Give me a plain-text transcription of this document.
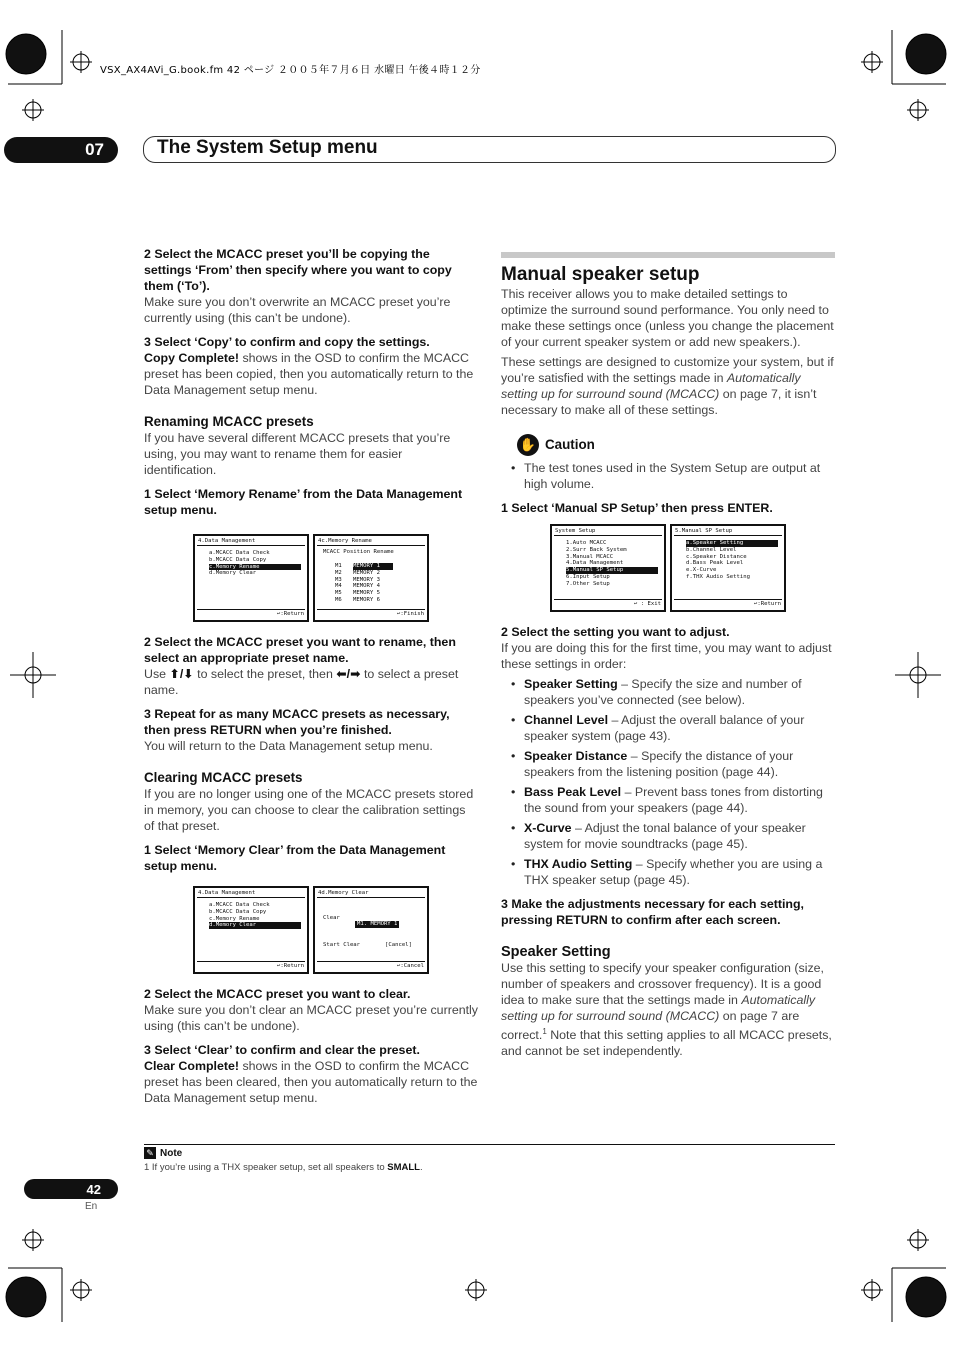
VSX_AX4AVi_G.book.fm 42 ページ ２００５年７月６日 水曜日 午後４時１２分
07	The System Setup menu

2 Select the MCACC preset you’ll be copying the settings ‘From’ then specify where you want to copy them (‘To’).

Make sure you don’t overwrite an MCACC preset you’re currently using (this can’t be undone).

3 Select ‘Copy’ to confirm and copy the settings.

Copy Complete! shows in the OSD to confirm the MCACC preset has been copied, then you automatically return to the Data Management setup menu.

Renaming MCACC presets

If you have several different MCACC presets that you’re using, you may want to rename them for easier identification.

1 Select ‘Memory Rename’ from the Data Management setup menu.

4.Data Management
a.MCACC Data Check
b.MCACC Data Copy
c.Memory Rename
d.Memory Clear
↩:Return
4c.Memory Rename
MCACC Position Rename
M1	MEMORY 1
M2	MEMORY 2
M3	MEMORY 3
M4	MEMORY 4
M5	MEMORY 5
M6	MEMORY 6
↩:Finish

2 Select the MCACC preset you want to rename, then select an appropriate preset name.

Use ⬆/⬇ to select the preset, then ⬅/➡ to select a preset name.

3 Repeat for as many MCACC presets as necessary, then press RETURN when you’re finished.

You will return to the Data Management setup menu.

Clearing MCACC presets

If you are no longer using one of the MCACC presets stored in memory, you can choose to clear the calibration settings of that preset.

1 Select ‘Memory Clear’ from the Data Management setup menu.

4.Data Management
a.MCACC Data Check
b.MCACC Data Copy
c.Memory Rename
d.Memory Clear
↩:Return
4d.Memory Clear
Clear
M1. MEMORY 1
Start Clear	[Cancel]
↩:Cancel

2 Select the MCACC preset you want to clear.

Make sure you don’t clear an MCACC preset you’re currently using (this can’t be undone).

3 Select ‘Clear’ to confirm and clear the preset.

Clear Complete! shows in the OSD to confirm the MCACC preset has been cleared, then you automatically return to the Data Management setup menu.

Manual speaker setup

This receiver allows you to make detailed settings to optimize the surround sound performance. You only need to make these settings once (unless you change the placement of your current speaker system or add new speakers.).

These settings are designed to customize your system, but if you’re satisfied with the settings made in Automatically setting up for surround sound (MCACC) on page 7, it isn’t necessary to make all of these settings.

✋ Caution
• The test tones used in the System Setup are output at high volume.

1 Select ‘Manual SP Setup’ then press ENTER.

System Setup
1.Auto MCACC
2.Surr Back System
3.Manual MCACC
4.Data Management
5.Manual SP Setup
6.Input Setup
7.Other Setup
↩ : Exit
5.Manual SP Setup
a.Speaker Setting
b.Channel Level
c.Speaker Distance
d.Bass Peak Level
e.X-Curve
f.THX Audio Setting
↩:Return

2 Select the setting you want to adjust.

If you are doing this for the first time, you may want to adjust these settings in order:

• Speaker Setting – Specify the size and number of speakers you’ve connected (see below).
• Channel Level – Adjust the overall balance of your speaker system (page 43).
• Speaker Distance – Specify the distance of your speakers from the listening position (page 44).
• Bass Peak Level – Prevent bass tones from distorting the sound from your speakers (page 44).
• X-Curve – Adjust the tonal balance of your speaker system for movie soundtracks (page 45).
• THX Audio Setting – Specify whether you are using a THX speaker setup (page 45).

3 Make the adjustments necessary for each setting, pressing RETURN to confirm after each screen.

Speaker Setting

Use this setting to specify your speaker configuration (size, number of speakers and crossover frequency). It is a good idea to make sure that the settings made in Automatically setting up for surround sound (MCACC) on page 7 are correct.$^1$ Note that this setting applies to all MCACC presets, and cannot be set independently.

✎ Note
1 If you’re using a THX speaker setup, set all speakers to SMALL.
42
En
